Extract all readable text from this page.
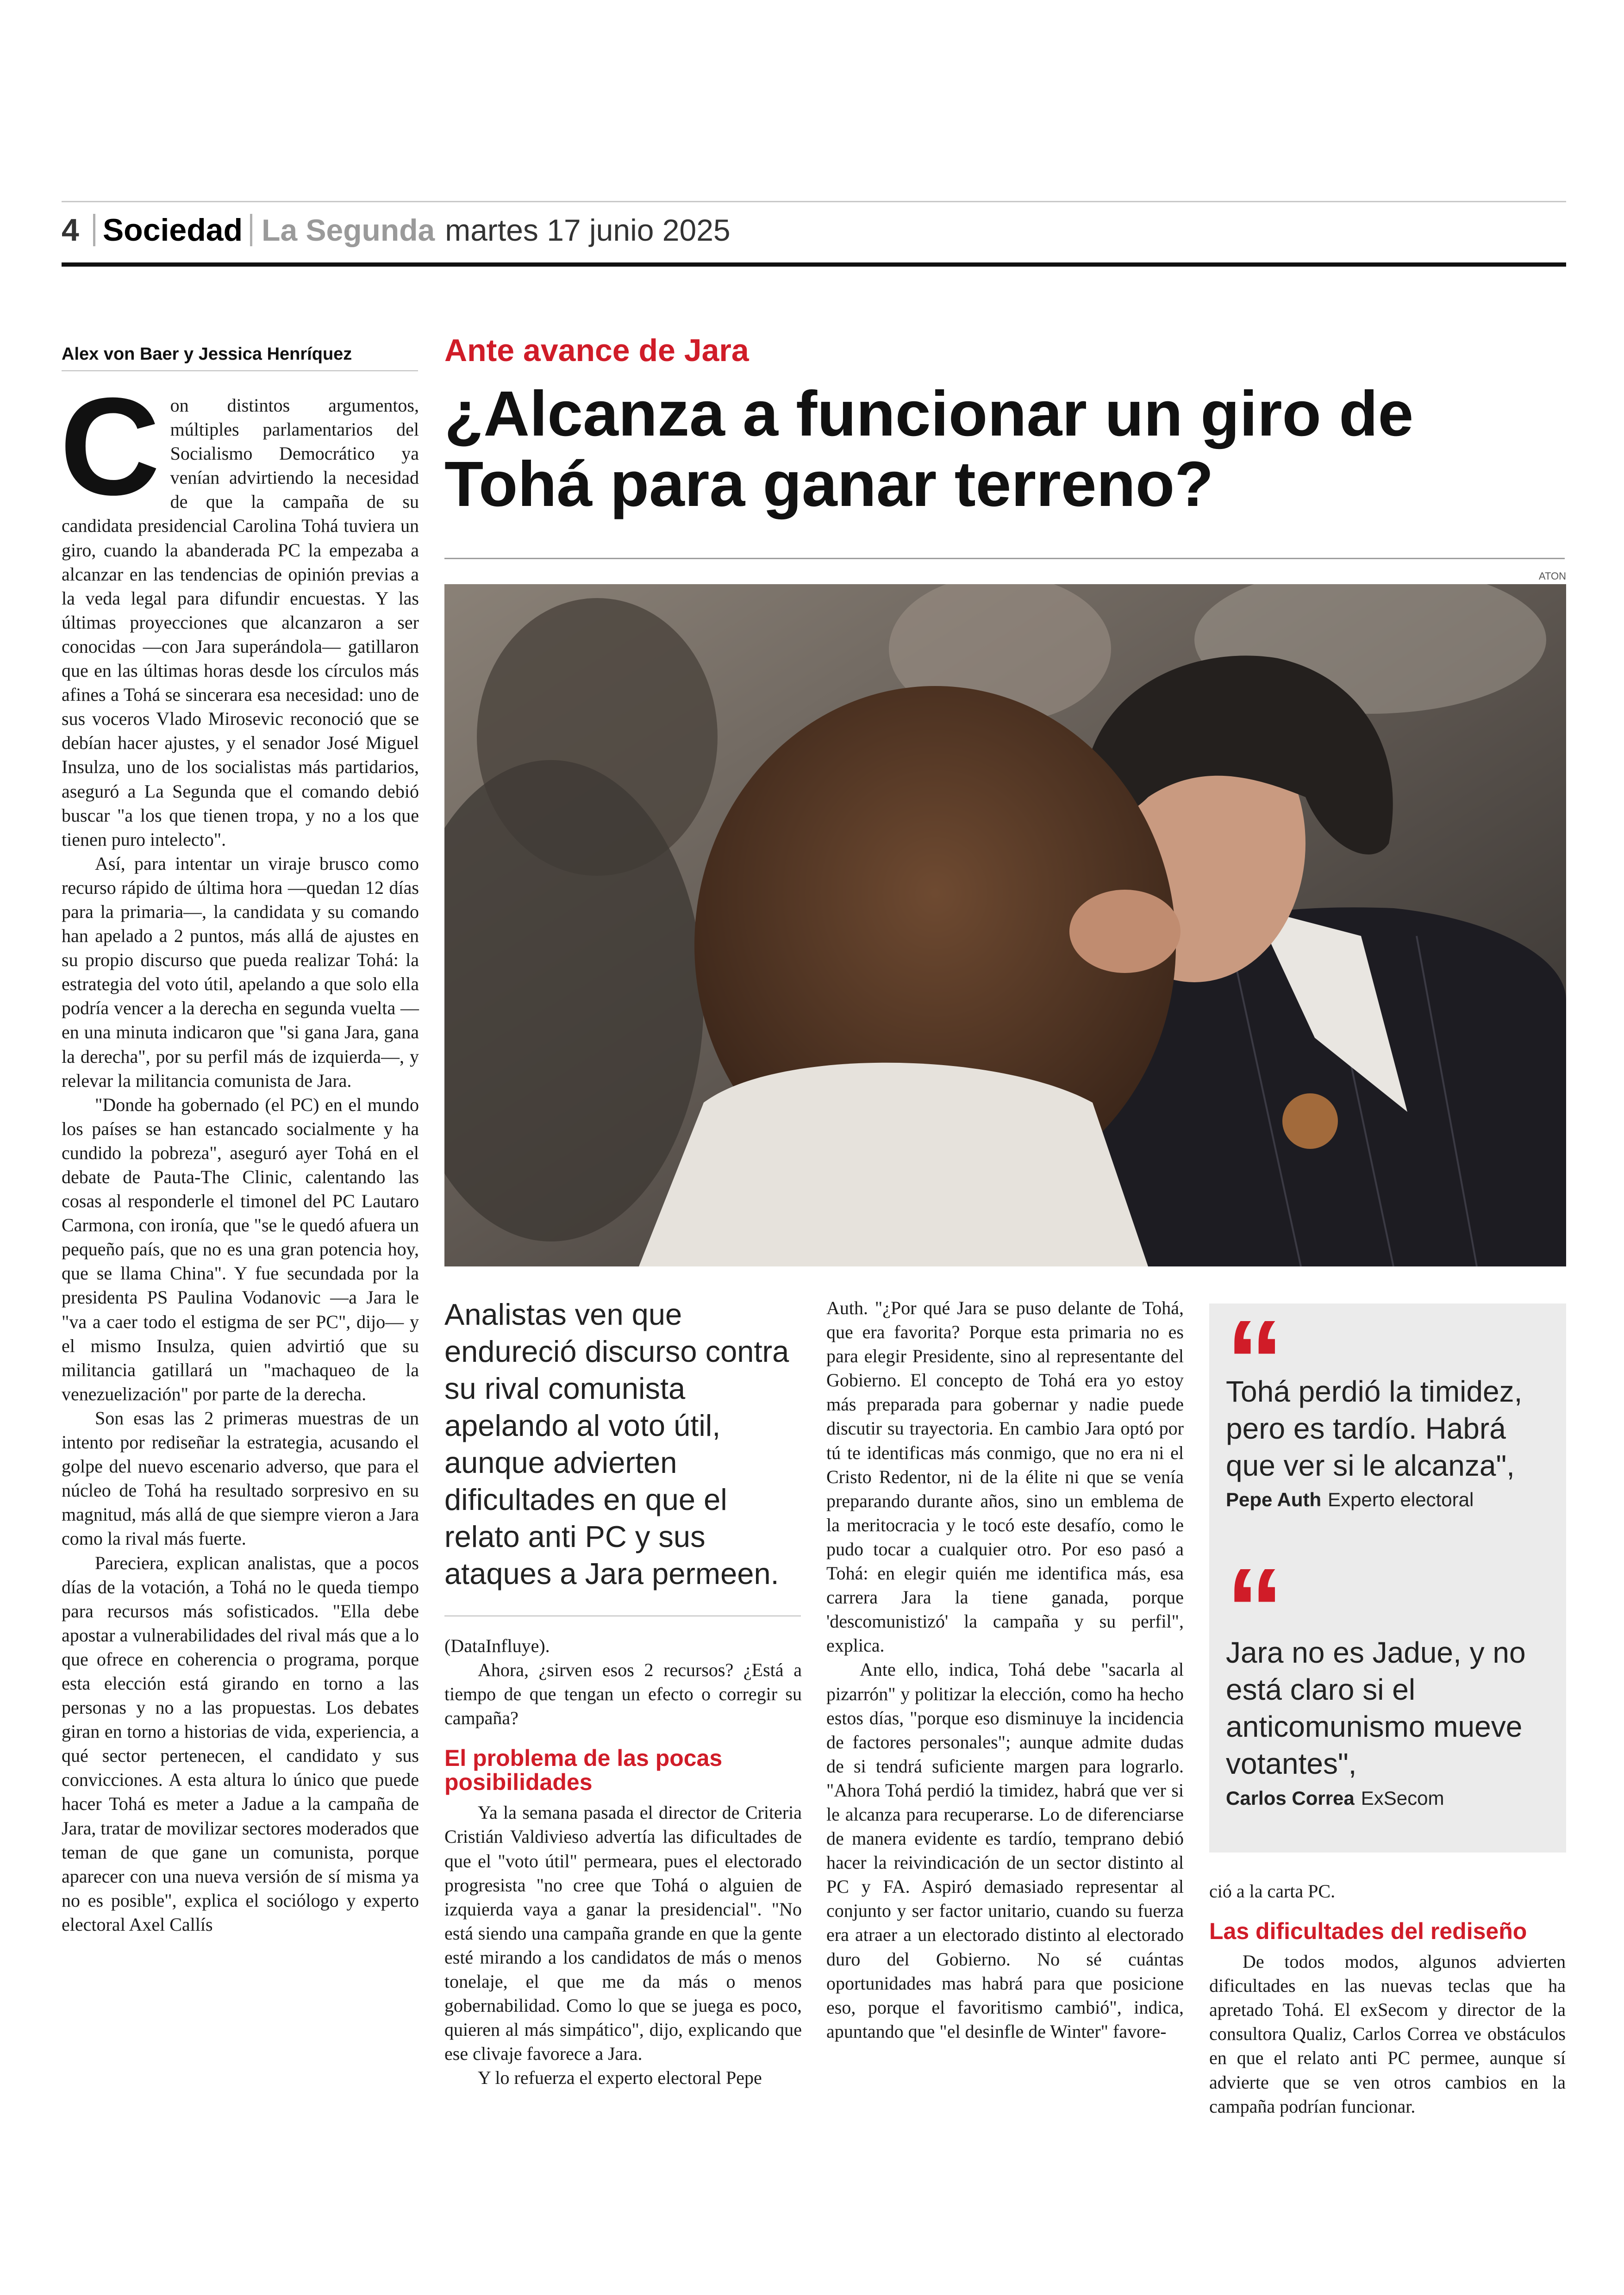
4 Sociedad La Segunda martes 17 junio 2025
Alex von Baer y Jessica Henríquez	Ante avance de Jara
¿Alcanza a funcionar un giro de Tohá para ganar terreno?
ATON
C on distintos argumentos, múltiples parlamentarios del Socialismo Democrático ya venían advirtiendo la necesidad de que la campaña de su candidata presidencial Carolina Tohá tuviera un giro, cuando la abanderada PC la empezaba a alcanzar en las tendencias de opinión previas a la veda legal para difundir encuestas. Y las últimas proyecciones que alcanzaron a ser conocidas —con Jara superándola— gatillaron que en las últimas horas desde los círculos más afines a Tohá se sincerara esa necesidad: uno de sus voceros Vlado Mirosevic reconoció que se debían hacer ajustes, y el senador José Miguel Insulza, uno de los socialistas más partidarios, aseguró a La Segunda que el comando debió buscar "a los que tienen tropa, y no a los que tienen puro intelecto".

Así, para intentar un viraje brusco como recurso rápido de última hora —quedan 12 días para la primaria—, la candidata y su comando han apelado a 2 puntos, más allá de ajustes en su propio discurso que pueda realizar Tohá: la estrategia del voto útil, apelando a que solo ella podría vencer a la derecha en segunda vuelta —en una minuta indicaron que "si gana Jara, gana la derecha", por su perfil más de izquierda—, y relevar la militancia comunista de Jara.

"Donde ha gobernado (el PC) en el mundo los países se han estancado socialmente y ha cundido la pobreza", aseguró ayer Tohá en el debate de Pauta-The Clinic, calentando las cosas al responderle el timonel del PC Lautaro Carmona, con ironía, que "se le quedó afuera un pequeño país, que no es una gran potencia hoy, que se llama China". Y fue secundada por la presidenta PS Paulina Vodanovic —a Jara le "va a caer todo el estigma de ser PC", dijo— y el mismo Insulza, quien advirtió que su militancia gatillará un "machaqueo de la venezuelización" por parte de la derecha.

Son esas las 2 primeras muestras de un intento por rediseñar la estrategia, acusando el golpe del nuevo escenario adverso, que para el núcleo de Tohá ha resultado sorpresivo en su magnitud, más allá de que siempre vieron a Jara como la rival más fuerte.

Pareciera, explican analistas, que a pocos días de la votación, a Tohá no le queda tiempo para recursos más sofisticados. "Ella debe apostar a vulnerabilidades del rival más que a lo que ofrece en coherencia o programa, porque esta elección está girando en torno a las personas y no a las propuestas. Los debates giran en torno a historias de vida, experiencia, a qué sector pertenecen, el candidato y sus convicciones. A esta altura lo único que puede hacer Tohá es meter a Jadue a la campaña de Jara, tratar de movilizar sectores moderados que teman de que gane un comunista, porque aparecer con una nueva versión de sí misma ya no es posible", explica el sociólogo y experto electoral Axel Callís

Analistas ven que endureció discurso contra su rival comunista apelando al voto útil, aunque advierten dificultades en que el relato anti PC y sus ataques a Jara permeen.

(DataInfluye).

Ahora, ¿sirven esos 2 recursos? ¿Está a tiempo de que tengan un efecto o corregir su campaña?

El problema de las pocas posibilidades

Ya la semana pasada el director de Criteria Cristián Valdivieso advertía las dificultades de que el "voto útil" permeara, pues el electorado progresista "no cree que Tohá o alguien de izquierda vaya a ganar la presidencial". "No está siendo una campaña grande en que la gente esté mirando a los candidatos de más o menos tonelaje, el que me da más o menos gobernabilidad. Como lo que se juega es poco, quieren al más simpático", dijo, explicando que ese clivaje favorece a Jara.

Y lo refuerza el experto electoral Pepe

Auth. "¿Por qué Jara se puso delante de Tohá, que era favorita? Porque esta primaria no es para elegir Presidente, sino al representante del Gobierno. El concepto de Tohá era yo estoy más preparada para gobernar y nadie puede discutir su trayectoria. En cambio Jara optó por tú te identificas más conmigo, que no era ni el Cristo Redentor, ni de la élite ni que se venía preparando durante años, sino un emblema de la meritocracia y le tocó este desafío, como le pudo tocar a cualquier otro. Por eso pasó a Tohá: en elegir quién me identifica más, esa carrera Jara la tiene ganada, porque 'descomunistizó' la campaña y su perfil", explica.

Ante ello, indica, Tohá debe "sacarla al pizarrón" y politizar la elección, como ha hecho estos días, "porque eso disminuye la incidencia de factores personales"; aunque admite dudas de si tendrá suficiente margen para lograrlo. "Ahora Tohá perdió la timidez, habrá que ver si le alcanza para recuperarse. Lo de diferenciarse de manera evidente es tardío, temprano debió hacer la reivindicación de un sector distinto al PC y FA. Aspiró demasiado representar al conjunto y ser factor unitario, cuando su fuerza era atraer a un electorado distinto al electorado duro del Gobierno. No sé cuántas oportunidades mas habrá para que posicione eso, porque el favoritismo cambió", indica, apuntando que "el desinfle de Winter" favore-

“
Tohá perdió la timidez, pero es tardío. Habrá que ver si le alcanza",
Pepe Auth Experto electoral
“
Jara no es Jadue, y no está claro si el anticomunismo mueve votantes",
Carlos Correa ExSecom

ció a la carta PC.

Las dificultades del rediseño

De todos modos, algunos advierten dificultades en las nuevas teclas que ha apretado Tohá. El exSecom y director de la consultora Qualiz, Carlos Correa ve obstáculos en que el relato anti PC permee, aunque sí advierte que se ven otros cambios en la campaña podrían funcionar.
